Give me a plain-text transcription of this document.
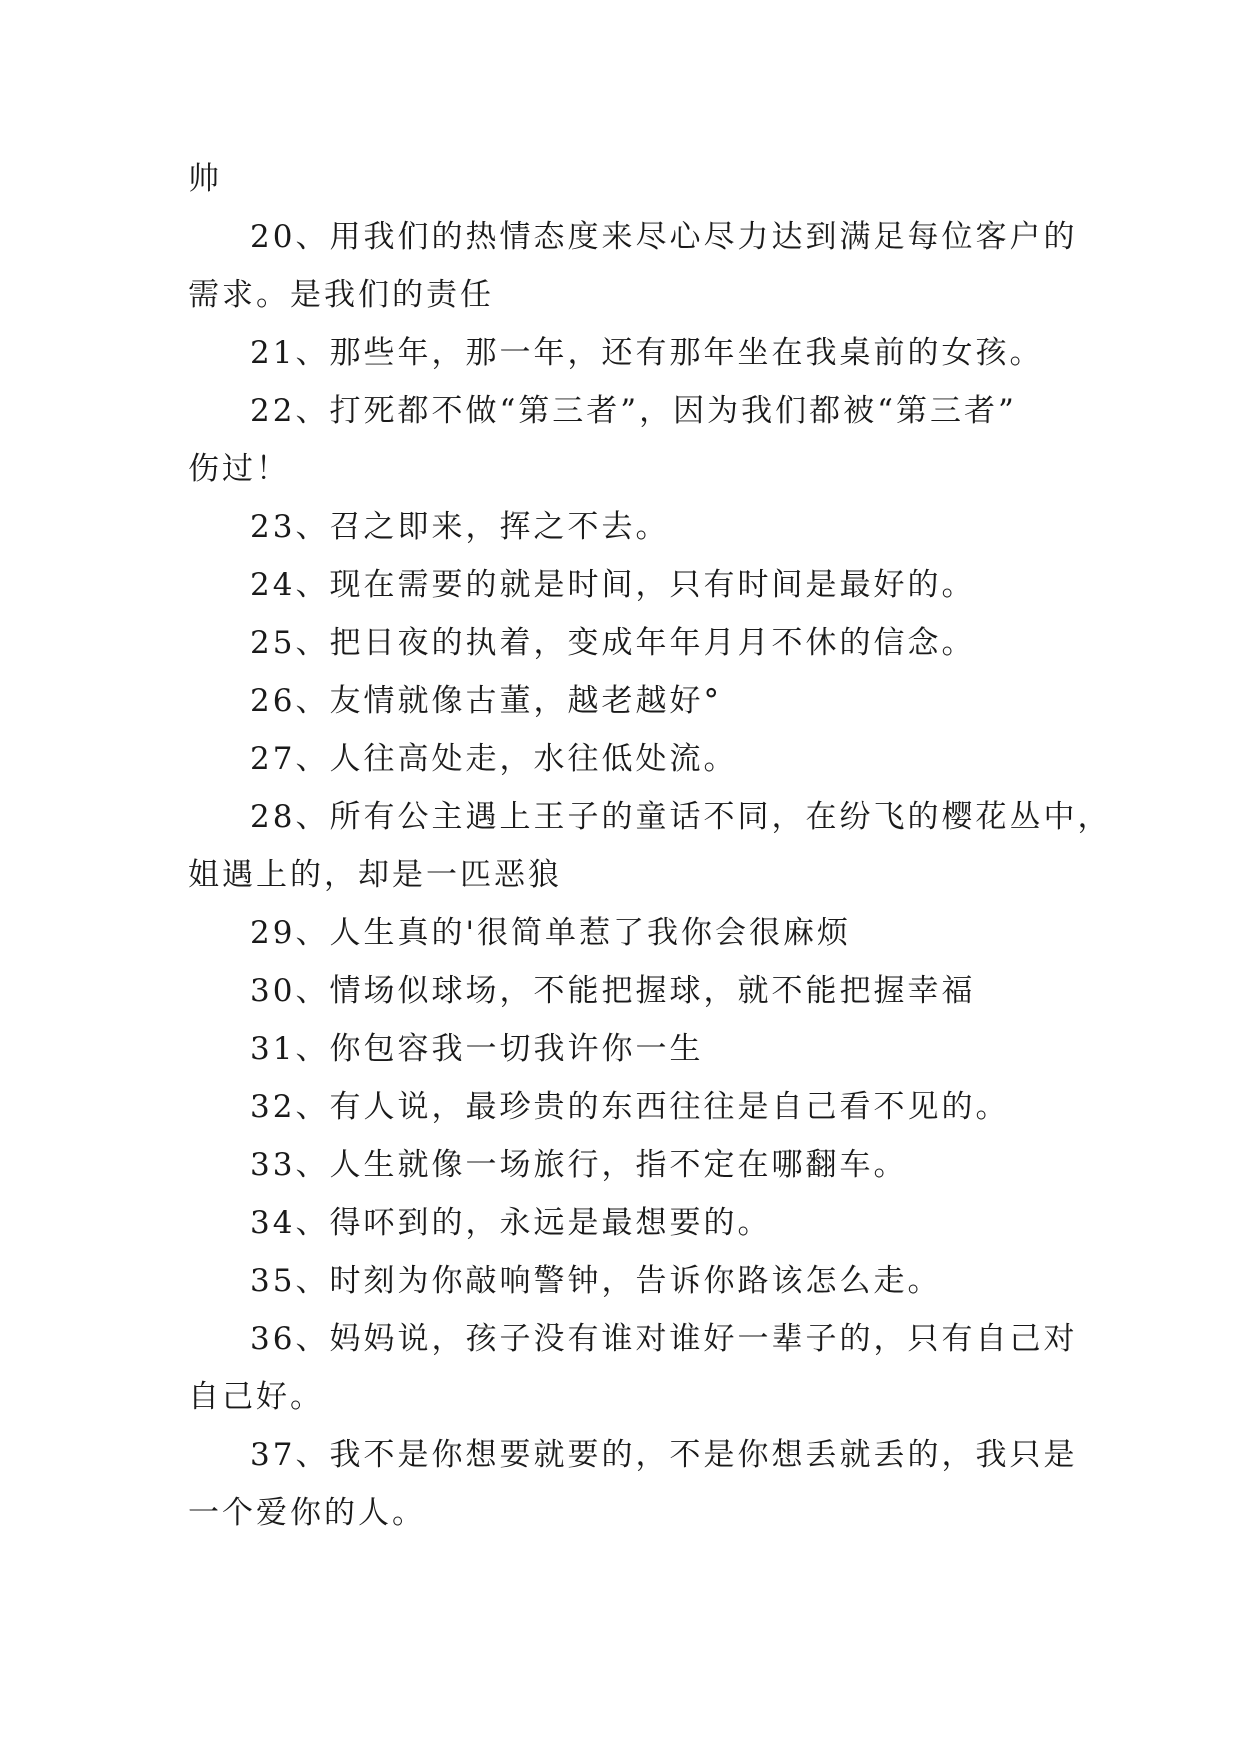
帅
20、用我们的热情态度来尽心尽力达到满足每位客户的
需求。是我们的责任
21、那些年，那一年，还有那年坐在我桌前的女孩。
22、打死都不做“第三者”，因为我们都被“第三者”
伤过！
23、召之即来，挥之不去。
24、现在需要的就是时间，只有时间是最好的。
25、把日夜的执着，变成年年月月不休的信念。
26、友情就像古董，越老越好°
27、人往高处走，水往低处流。
28、所有公主遇上王子的童话不同，在纷飞的樱花丛中，
姐遇上的，却是一匹恶狼
29、人生真的'很简单惹了我你会很麻烦
30、情场似球场，不能把握球，就不能把握幸福
31、你包容我一切我许你一生
32、有人说，最珍贵的东西往往是自己看不见的。
33、人生就像一场旅行，指不定在哪翻车。
34、得吥到的，永远是最想要的。
35、时刻为你敲响警钟，告诉你路该怎么走。
36、妈妈说，孩子没有谁对谁好一辈子的，只有自己对
自己好。
37、我不是你想要就要的，不是你想丢就丢的，我只是
一个爱你的人。
